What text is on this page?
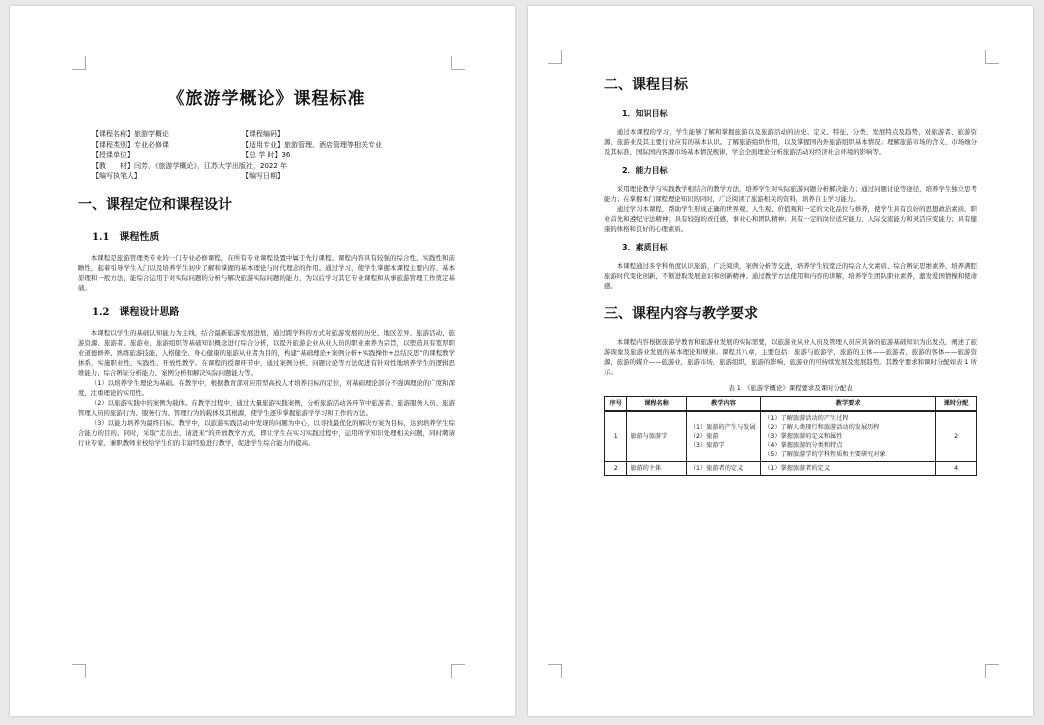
《旅游学概论》课程标准
【课程名称】旅游学概论	【课程编码】
【课程类别】专业必修课	【适用专业】旅游管理、酒店管理等相关专业
【授课单位】	【总 学 时】36
【教　　材】闫芳，《旅游学概论》，江苏大学出版社，2022 年
【编写执笔人】	【编写日期】
一、课程定位和课程设计
1.1　课程性质

本课程是旅游管理类专业的一门专业必修课程，在所有专业课程设置中属于先行课程。课程内容具有较强的综合性、实践性和前瞻性，起着引导学生入门以及培养学生初步了解和掌握的基本理论与时代理念的作用。通过学习，使学生掌握本课程主要内容、基本原理和一般方法，能综合运用于对实际问题的分析与解决旅游实际问题的能力，为以后学习其它专业课程和从事旅游管理工作奠定基础。

1.2　课程设计思路

本课程以学生的基础认知能力为主线，结合最新旅游发展进展，通过跨学科的方式对旅游发展的历史、地区差异、旅游活动、旅游资源、旅游者、旅游业、旅游组织等基础知识概念进行综合分析，以提升旅游企业从业人员的职业素养为宗旨，以塑造具有宽厚职业道德修养、熟练旅游技能、人格健全、身心健康的旅游从业者为目的，构建“基础理论+案例分析+实践操作+总结反思”的课程教学体系，实施职业性、实践性、开放性教学。在课程的授课环节中，通过案例分析、问题讨论等方法促进有针对性地培养学生的逻辑思维能力、综合辨证分析能力、案例分析和解决实际问题能力等。

（1）以培养学生理论为基础。在教学中，根据教育部对应用型高校人才培养目标的定位，对基础理论部分不强调理论的广度和深度，注重理论的实用性。

（2）以旅游实践中的案例为载体。在教学过程中，通过大量旅游实践案例，分析旅游活动各环节中旅游者、旅游服务人员、旅游管理人员的旅游行为、服务行为、管理行为的载体及其根源，使学生逐步掌握旅游学学习和工作的方法。

（3）以能力培养为最终目标。教学中，以旅游实践活动中发现的问题为中心，以寻找最优化的解决方案为目标，达到培养学生综合能力的目的。同时，采取“走出去、请进来”的开放教学方式，即让学生在实习实践过程中，运用所学知识处理相关问题，同时聘请行业专家、兼职教师来校给学生们的丰富经验进行教学，促进学生综合能力的提高。

二、课程目标
1．知识目标

通过本课程的学习，学生能够了解和掌握旅游以及旅游活动的历史、定义、特征、分类、发展特点及趋势，对旅游者、旅游资源、旅游业及其主要行业应有的基本认识。了解旅游组织作用，以及掌握国内外旅游组织基本情况；理解旅游市场的含义、市场细分及其标准、国际国内客源市场基本情况规律，学会全面理论分析旅游活动对经济社会环境的影响等。

2．能力目标

采用理论教学与实践教学相结合的教学方法，培养学生对实际旅游问题分析解决能力；通过问题讨论等途径，培养学生独立思考能力；在掌握本门课程理论知识的同时，广泛阅读了旅游相关的资料，培养自主学习能力。

通过学习本课程，帮助学生形成正确的世界观、人生观、价值观和一定的文化品位与修养，使学生具有良好的思想政治素质、职业首先和遵纪守法精神；具有较强的责任感、事业心和团队精神；具有一定的岗位适应能力、人际交流能力和灵活应变能力；具有健康的体格和良好的心理素质。

3．素质目标

本课程通过多学科角度认识旅游，广泛阅读，案例分析等交进，培养学生较宽泛的综合人文素质、综合辨证思维素养，培养满腔旅游时代变化创新，不断进取发展意识和创新精神。通过教学方法使用和内容的讲解，培养学生团队职业素养，激发爱国情操和使命感。

三、课程内容与教学要求

本课程内容根据旅游学教育和旅游业发展的实际需要，以旅游业从业人员及管理人员应具备的旅游基础知识为出发点，阐述了旅游现象及旅游业发展的基本理论和规律。课程共八章，主要包括：旅游与旅游学，旅游的主体——旅游者，旅游的客体——旅游资源，旅游的媒介——旅游业，旅游市场，旅游组织，旅游的影响，旅游业的可持续发展及发展趋势。其教学要求和课时分配如表 1 所示。

表 1　《旅游学概论》课程要求及课时分配表
序号	课程名称	教学内容	教学要求	课时分配
1	旅游与旅游学	（1）旅游的产生与发展
（2）旅游
（3）旅游学	（1）了解旅游活动的产生过程
（2）了解人类现行和旅游活动的发展历程
（3）掌握旅游的定义和属性
（4）掌握旅游的分类和特点
（5）了解旅游学的学科性质和主要研究对象	2
2	旅游的主体	（1）旅游者的定义	（1）掌握旅游者的定义	4
